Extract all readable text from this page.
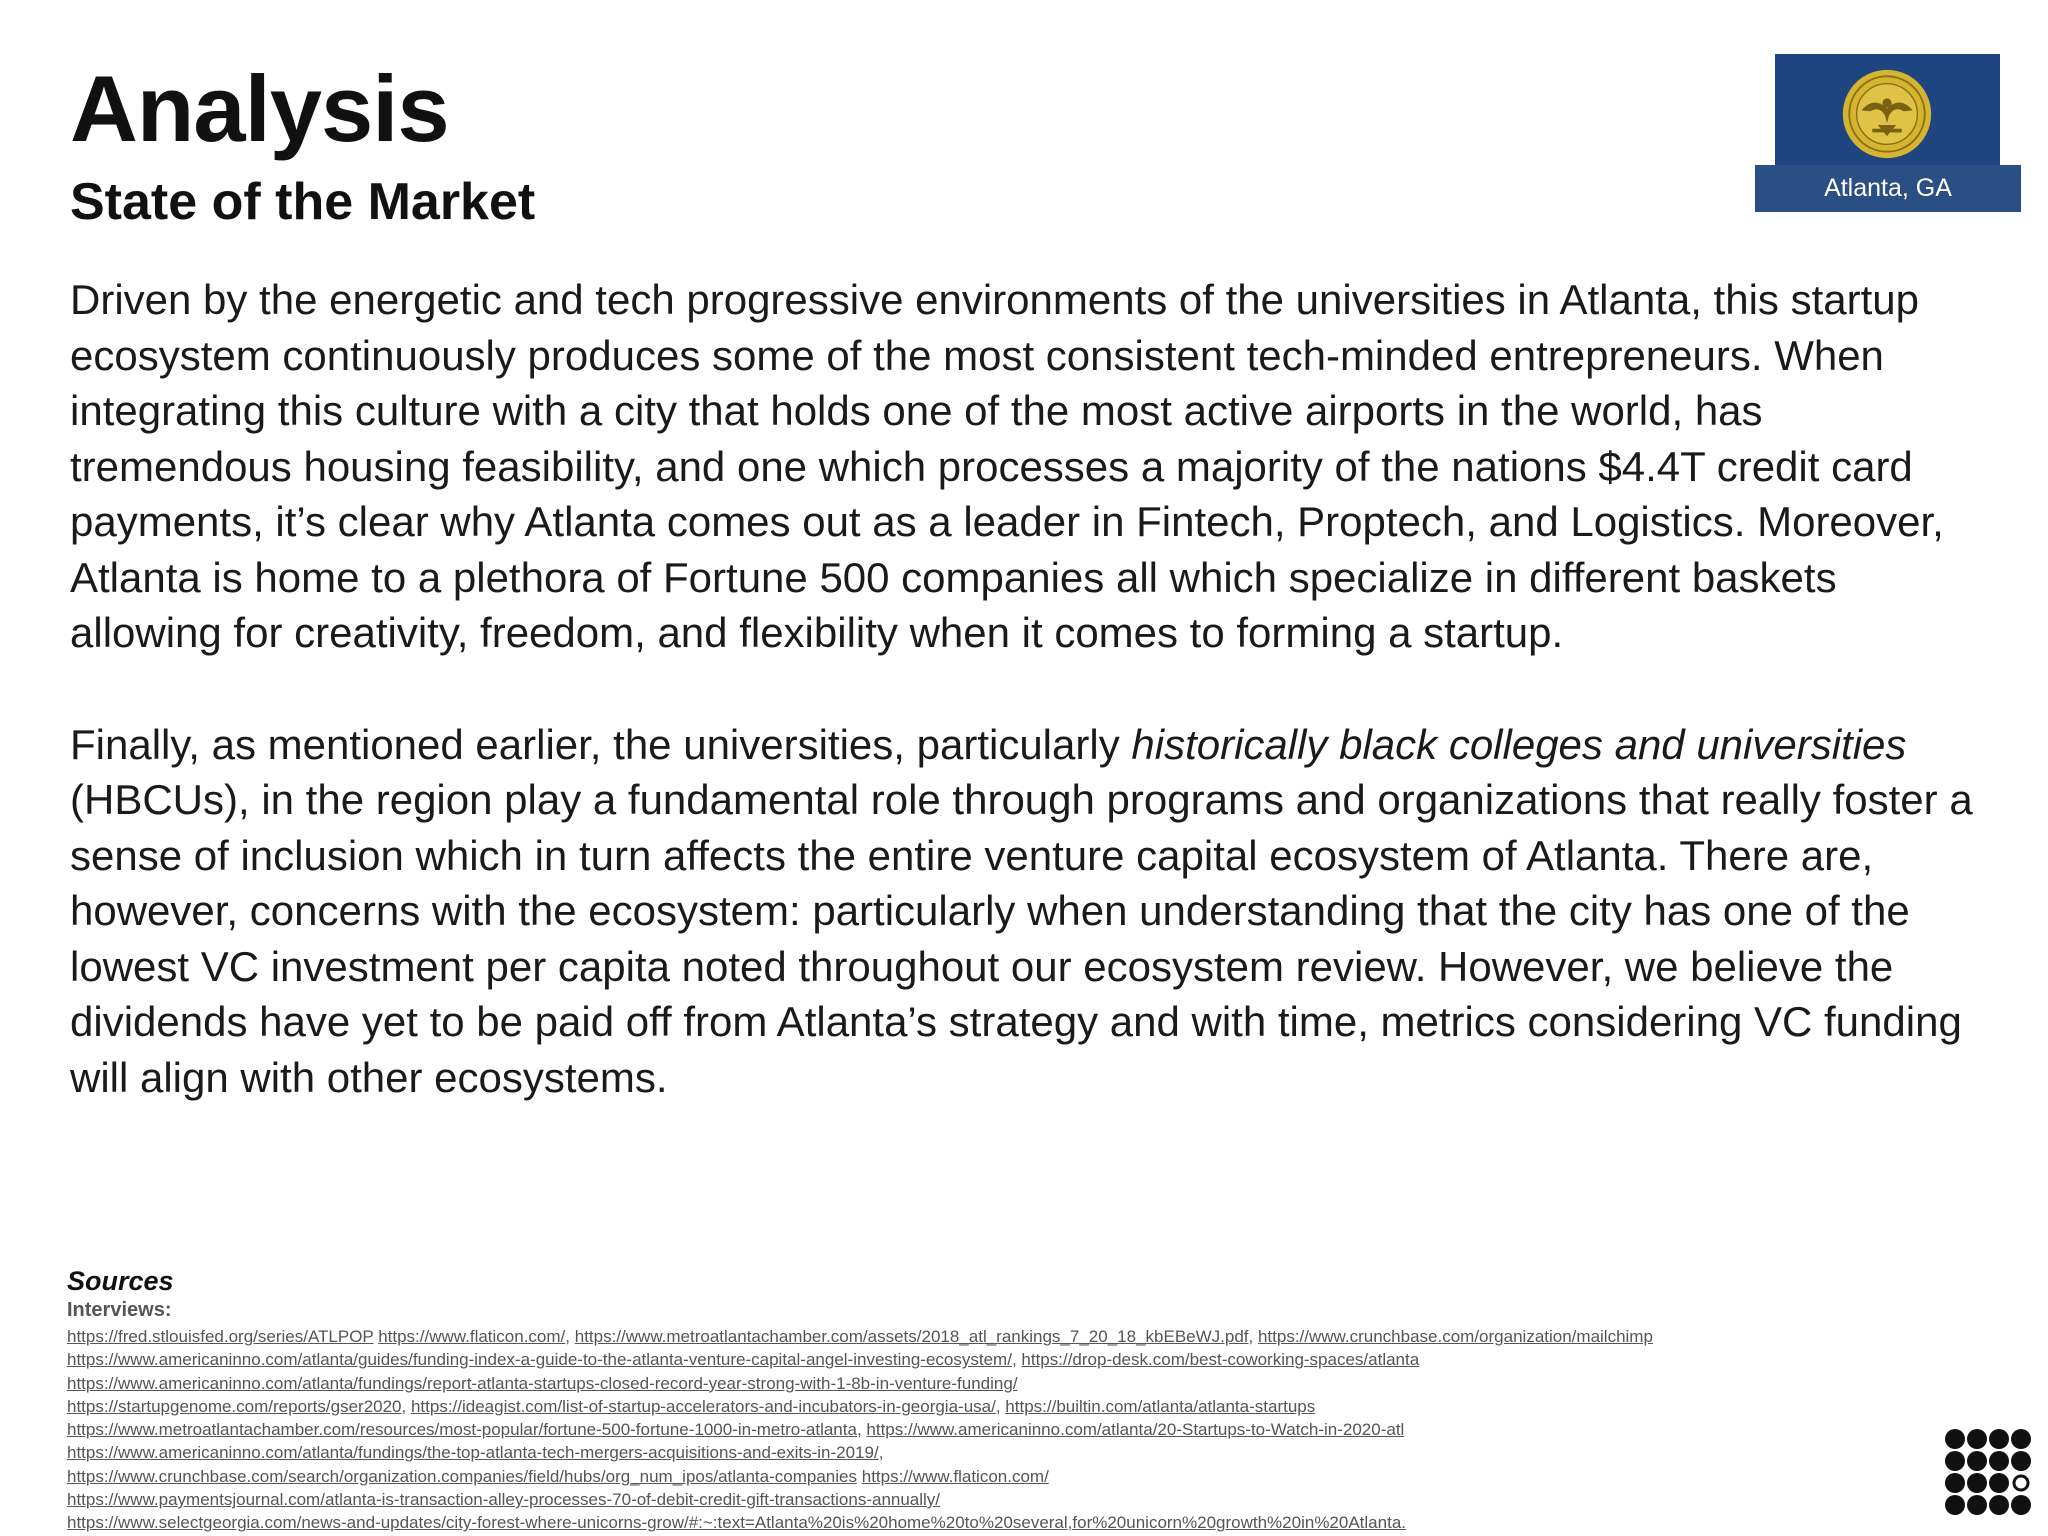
Analysis
State of the Market	Atlanta, GA

Driven by the energetic and tech progressive environments of the universities in Atlanta, this startup ecosystem continuously produces some of the most consistent tech-minded entrepreneurs. When integrating this culture with a city that holds one of the most active airports in the world, has tremendous housing feasibility, and one which processes a majority of the nations $4.4T credit card payments, it’s clear why Atlanta comes out as a leader in Fintech, Proptech, and Logistics. Moreover, Atlanta is home to a plethora of Fortune 500 companies all which specialize in different baskets allowing for creativity, freedom, and flexibility when it comes to forming a startup.

Finally, as mentioned earlier, the universities, particularly historically black colleges and universities (HBCUs), in the region play a fundamental role through programs and organizations that really foster a sense of inclusion which in turn affects the entire venture capital ecosystem of Atlanta. There are, however, concerns with the ecosystem: particularly when understanding that the city has one of the lowest VC investment per capita noted throughout our ecosystem review. However, we believe the dividends have yet to be paid off from Atlanta’s strategy and with time, metrics considering VC funding will align with other ecosystems.

Sources
Interviews:
https://fred.stlouisfed.org/series/ATLPOP https://www.flaticon.com/, https://www.metroatlantachamber.com/assets/2018_atl_rankings_7_20_18_kbEBeWJ.pdf, https://www.crunchbase.com/organization/mailchimp
https://www.americaninno.com/atlanta/guides/funding-index-a-guide-to-the-atlanta-venture-capital-angel-investing-ecosystem/, https://drop-desk.com/best-coworking-spaces/atlanta
https://www.americaninno.com/atlanta/fundings/report-atlanta-startups-closed-record-year-strong-with-1-8b-in-venture-funding/
https://startupgenome.com/reports/gser2020, https://ideagist.com/list-of-startup-accelerators-and-incubators-in-georgia-usa/, https://builtin.com/atlanta/atlanta-startups
https://www.metroatlantachamber.com/resources/most-popular/fortune-500-fortune-1000-in-metro-atlanta, https://www.americaninno.com/atlanta/20-Startups-to-Watch-in-2020-atl
https://www.americaninno.com/atlanta/fundings/the-top-atlanta-tech-mergers-acquisitions-and-exits-in-2019/,
https://www.crunchbase.com/search/organization.companies/field/hubs/org_num_ipos/atlanta-companies https://www.flaticon.com/
https://www.paymentsjournal.com/atlanta-is-transaction-alley-processes-70-of-debit-credit-gift-transactions-annually/
https://www.selectgeorgia.com/news-and-updates/city-forest-where-unicorns-grow/#:~:text=Atlanta%20is%20home%20to%20several,for%20unicorn%20growth%20in%20Atlanta.
